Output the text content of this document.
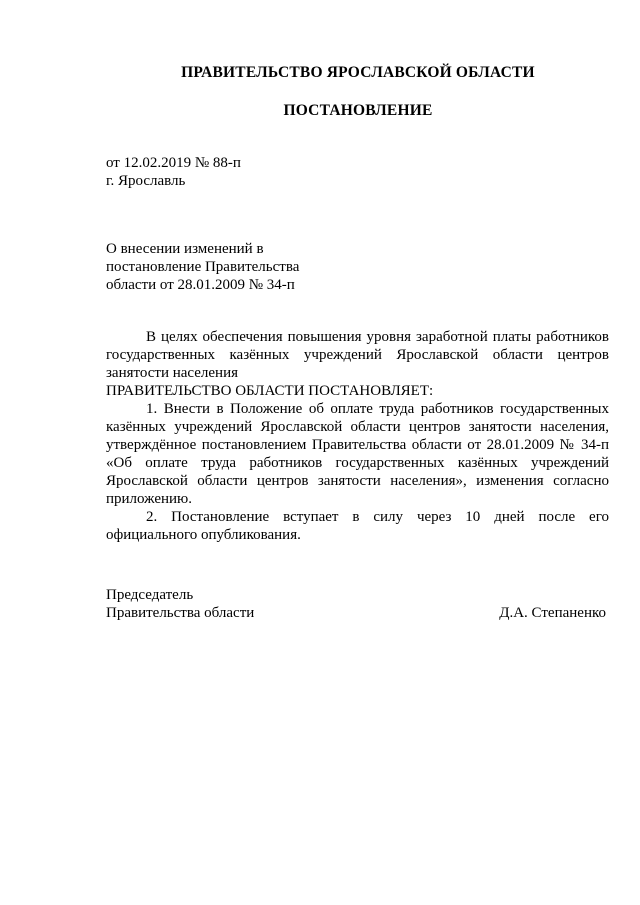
ПРАВИТЕЛЬСТВО ЯРОСЛАВСКОЙ ОБЛАСТИ
ПОСТАНОВЛЕНИЕ
от 12.02.2019 № 88-п
г. Ярославль
О внесении изменений в
постановление Правительства
области от 28.01.2009 № 34-п

В целях обеспечения повышения уровня заработной платы работников государственных казённых учреждений Ярославской области центров занятости населения

ПРАВИТЕЛЬСТВО ОБЛАСТИ ПОСТАНОВЛЯЕТ:

1. Внести в Положение об оплате труда работников государственных казённых учреждений Ярославской области центров занятости населения, утверждённое постановлением Правительства области от 28.01.2009 № 34-п «Об оплате труда работников государственных казённых учреждений Ярославской области центров занятости населения», изменения согласно приложению.

2. Постановление вступает в силу через 10 дней после его официального опубликования.

Председатель
Правительства области	Д.А. Степаненко
